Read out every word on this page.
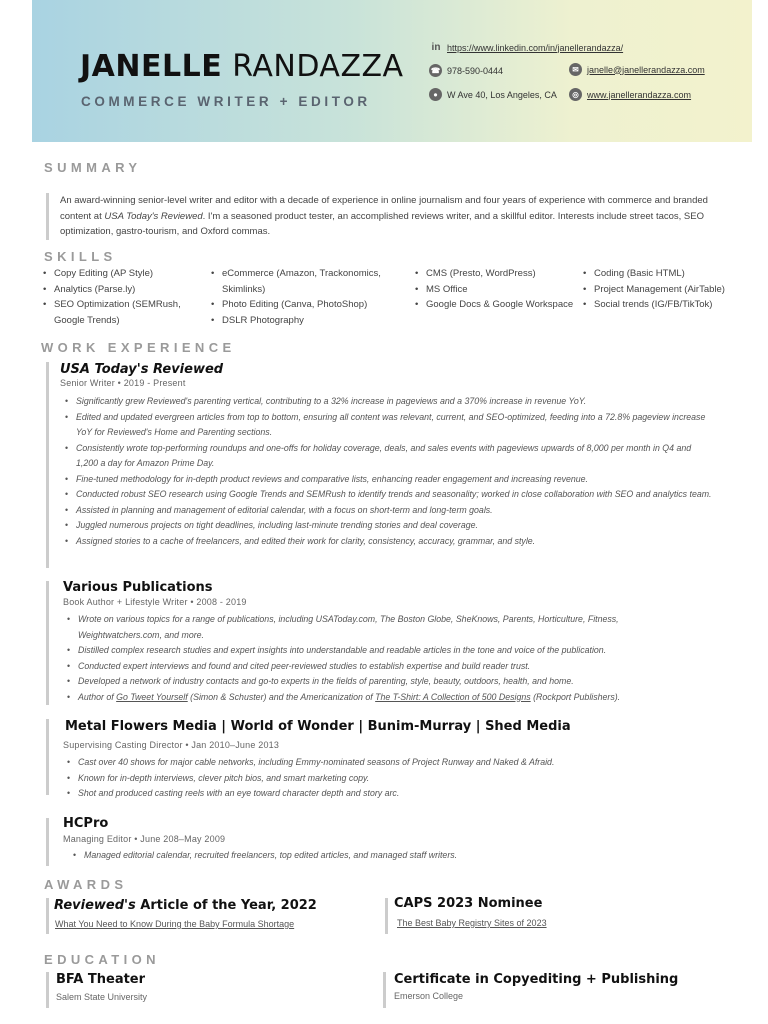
JANELLE RANDAZZA
COMMERCE WRITER + EDITOR
in https://www.linkedin.com/in/janellerandazza/
☎ 978-590-0444	✉ janelle@janellerandazza.com
●	W Ave 40, Los Angeles, CA	◎ www.janellerandazza.com
SUMMARY
An award-winning senior-level writer and editor with a decade of experience in online journalism and four years of experience with commerce and branded content at USA Today's Reviewed. I'm a seasoned product tester, an accomplished reviews writer, and a skillful editor. Interests include street tacos, SEO optimization, gastro-tourism, and Oxford commas.
SKILLS
• Copy Editing (AP Style)
• Analytics (Parse.ly)
• SEO Optimization (SEMRush, Google Trends)
• eCommerce (Amazon, Trackonomics, Skimlinks)
• Photo Editing (Canva, PhotoShop)
• DSLR Photography
• CMS (Presto, WordPress)
• MS Office
• Google Docs & Google Workspace
• Coding (Basic HTML)
• Project Management (AirTable)
• Social trends (IG/FB/TikTok)
WORK EXPERIENCE
USA Today's Reviewed
Senior Writer • 2019 - Present
• Significantly grew Reviewed's parenting vertical, contributing to a 32% increase in pageviews and a 370% increase in revenue YoY.
• Edited and updated evergreen articles from top to bottom, ensuring all content was relevant, current, and SEO-optimized, feeding into a 72.8% pageview increase YoY for Reviewed's Home and Parenting sections.
• Consistently wrote top-performing roundups and one-offs for holiday coverage, deals, and sales events with pageviews upwards of 8,000 per month in Q4 and 1,200 a day for Amazon Prime Day.
• Fine-tuned methodology for in-depth product reviews and comparative lists, enhancing reader engagement and increasing revenue.
• Conducted robust SEO research using Google Trends and SEMRush to identify trends and seasonality; worked in close collaboration with SEO and analytics team.
• Assisted in planning and management of editorial calendar, with a focus on short-term and long-term goals.
• Juggled numerous projects on tight deadlines, including last-minute trending stories and deal coverage.
• Assigned stories to a cache of freelancers, and edited their work for clarity, consistency, accuracy, grammar, and style.
Various Publications
Book Author + Lifestyle Writer • 2008 - 2019
• Wrote on various topics for a range of publications, including USAToday.com, The Boston Globe, SheKnows, Parents, Horticulture, Fitness, Weightwatchers.com, and more.
• Distilled complex research studies and expert insights into understandable and readable articles in the tone and voice of the publication.
• Conducted expert interviews and found and cited peer-reviewed studies to establish expertise and build reader trust.
• Developed a network of industry contacts and go-to experts in the fields of parenting, style, beauty, outdoors, health, and home.
• Author of Go Tweet Yourself (Simon & Schuster) and the Americanization of The T-Shirt: A Collection of 500 Designs (Rockport Publishers).
Metal Flowers Media | World of Wonder | Bunim-Murray | Shed Media
Supervising Casting Director • Jan 2010–June 2013
• Cast over 40 shows for major cable networks, including Emmy-nominated seasons of Project Runway and Naked & Afraid.
• Known for in-depth interviews, clever pitch bios, and smart marketing copy.
• Shot and produced casting reels with an eye toward character depth and story arc.
HCPro
Managing Editor • June 208–May 2009
• Managed editorial calendar, recruited freelancers, top edited articles, and managed staff writers.
AWARDS
Reviewed's Article of the Year, 2022
What You Need to Know During the Baby Formula Shortage
CAPS 2023 Nominee
The Best Baby Registry Sites of 2023
EDUCATION
BFA Theater
Salem State University
Certificate in Copyediting + Publishing
Emerson College
